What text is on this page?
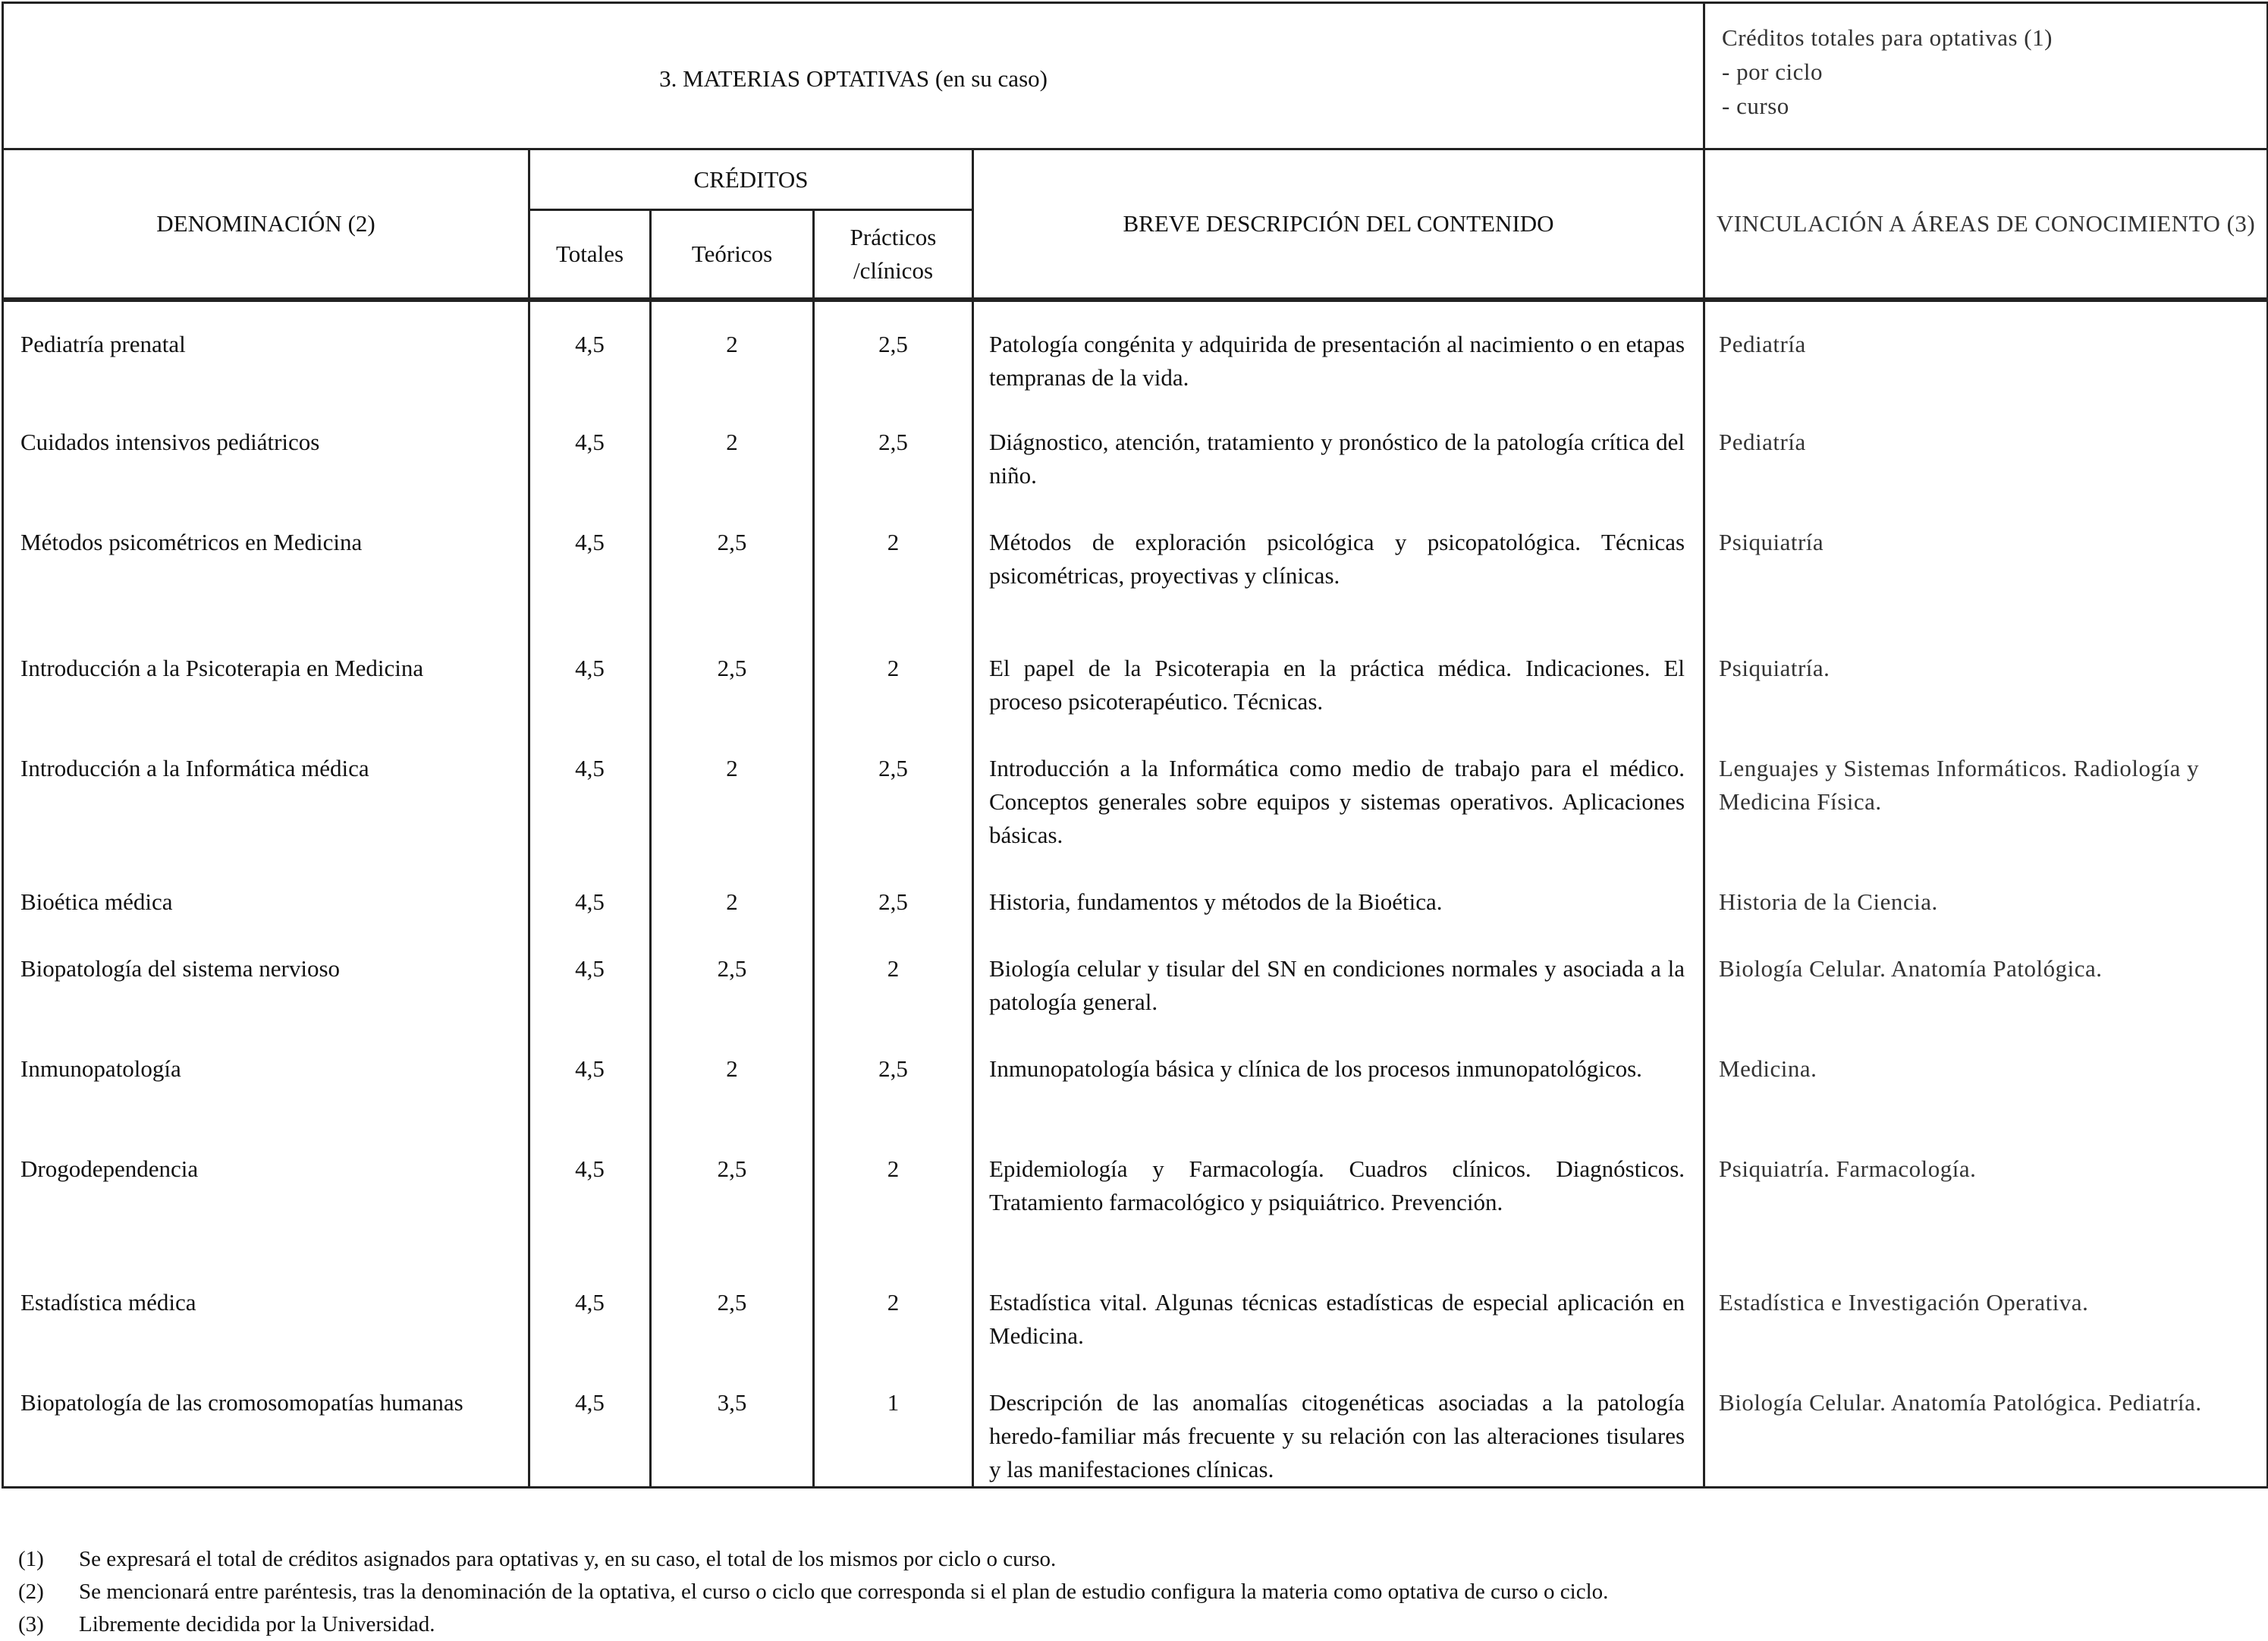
3. MATERIAS OPTATIVAS (en su caso)					Créditos totales para optativas (1)
- por ciclo
- curso

DENOMINACIÓN (2)	CRÉDITOS			BREVE DESCRIPCIÓN DEL CONTENIDO	VINCULACIÓN A ÁREAS DE CONOCIMIENTO (3)
	Totales	Teóricos	Prácticos /clínicos		
Pediatría prenatal	4,5	2	2,5	Patología congénita y adquirida de presentación al nacimiento o en etapas tempranas de la vida.	Pediatría
Cuidados intensivos pediátricos	4,5	2	2,5	Diágnostico, atención, tratamiento y pronóstico de la patología crítica del niño.	Pediatría
Métodos psicométricos en Medicina	4,5	2,5	2	Métodos de exploración psicológica y psicopatológica. Técnicas psicométricas, proyectivas y clínicas.	Psiquiatría
Introducción a la Psicoterapia en Medicina	4,5	2,5	2	El papel de la Psicoterapia en la práctica médica. Indicaciones. El proceso psicoterapéutico. Técnicas.	Psiquiatría.
Introducción a la Informática médica	4,5	2	2,5	Introducción a la Informática como medio de trabajo para el médico. Conceptos generales sobre equipos y sistemas operativos. Aplicaciones básicas.	Lenguajes y Sistemas Informáticos. Radiología y Medicina Física.
Bioética médica	4,5	2	2,5	Historia, fundamentos y métodos de la Bioética.	Historia de la Ciencia.
Biopatología del sistema nervioso	4,5	2,5	2	Biología celular y tisular del SN en condiciones normales y asociada a la patología general.	Biología Celular. Anatomía Patológica.
Inmunopatología	4,5	2	2,5	Inmunopatología básica y clínica de los procesos inmunopatológicos.	Medicina.
Drogodependencia	4,5	2,5	2	Epidemiología y Farmacología. Cuadros clínicos. Diagnósticos. Tratamiento farmacológico y psiquiátrico. Prevención.	Psiquiatría. Farmacología.
Estadística médica	4,5	2,5	2	Estadística vital. Algunas técnicas estadísticas de especial aplicación en Medicina.	Estadística e Investigación Operativa.
Biopatología de las cromosomopatías humanas	4,5	3,5	1	Descripción de las anomalías citogenéticas asociadas a la patología heredo-familiar más frecuente y su relación con las alteraciones tisulares y las manifestaciones clínicas.	Biología Celular. Anatomía Patológica. Pediatría.
(1)	Se expresará el total de créditos asignados para optativas y, en su caso, el total de los mismos por ciclo o curso.
(2)	Se mencionará entre paréntesis, tras la denominación de la optativa, el curso o ciclo que corresponda si el plan de estudio configura la materia como optativa de curso o ciclo.
(3)	Libremente decidida por la Universidad.
